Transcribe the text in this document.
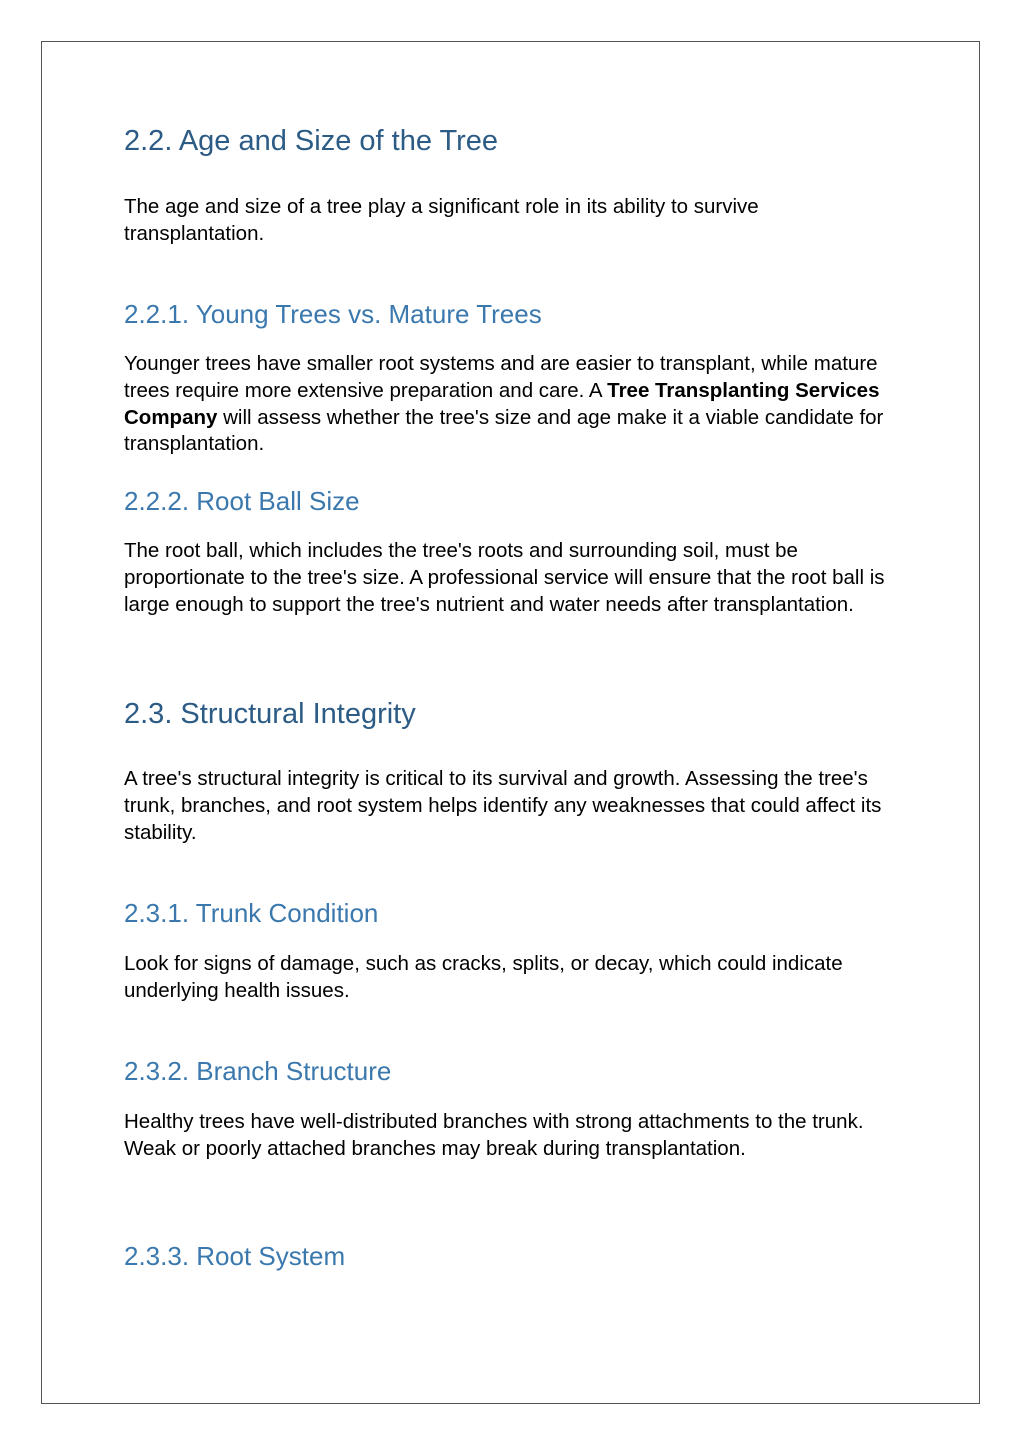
2.2. Age and Size of the Tree

The age and size of a tree play a significant role in its ability to survive transplantation.

2.2.1. Young Trees vs. Mature Trees

Younger trees have smaller root systems and are easier to transplant, while mature trees require more extensive preparation and care. A Tree Transplanting Services Company will assess whether the tree's size and age make it a viable candidate for transplantation.

2.2.2. Root Ball Size

The root ball, which includes the tree's roots and surrounding soil, must be proportionate to the tree's size. A professional service will ensure that the root ball is large enough to support the tree's nutrient and water needs after transplantation.

2.3. Structural Integrity

A tree's structural integrity is critical to its survival and growth. Assessing the tree's trunk, branches, and root system helps identify any weaknesses that could affect its stability.

2.3.1. Trunk Condition

Look for signs of damage, such as cracks, splits, or decay, which could indicate underlying health issues.

2.3.2. Branch Structure

Healthy trees have well-distributed branches with strong attachments to the trunk. Weak or poorly attached branches may break during transplantation.

2.3.3. Root System
